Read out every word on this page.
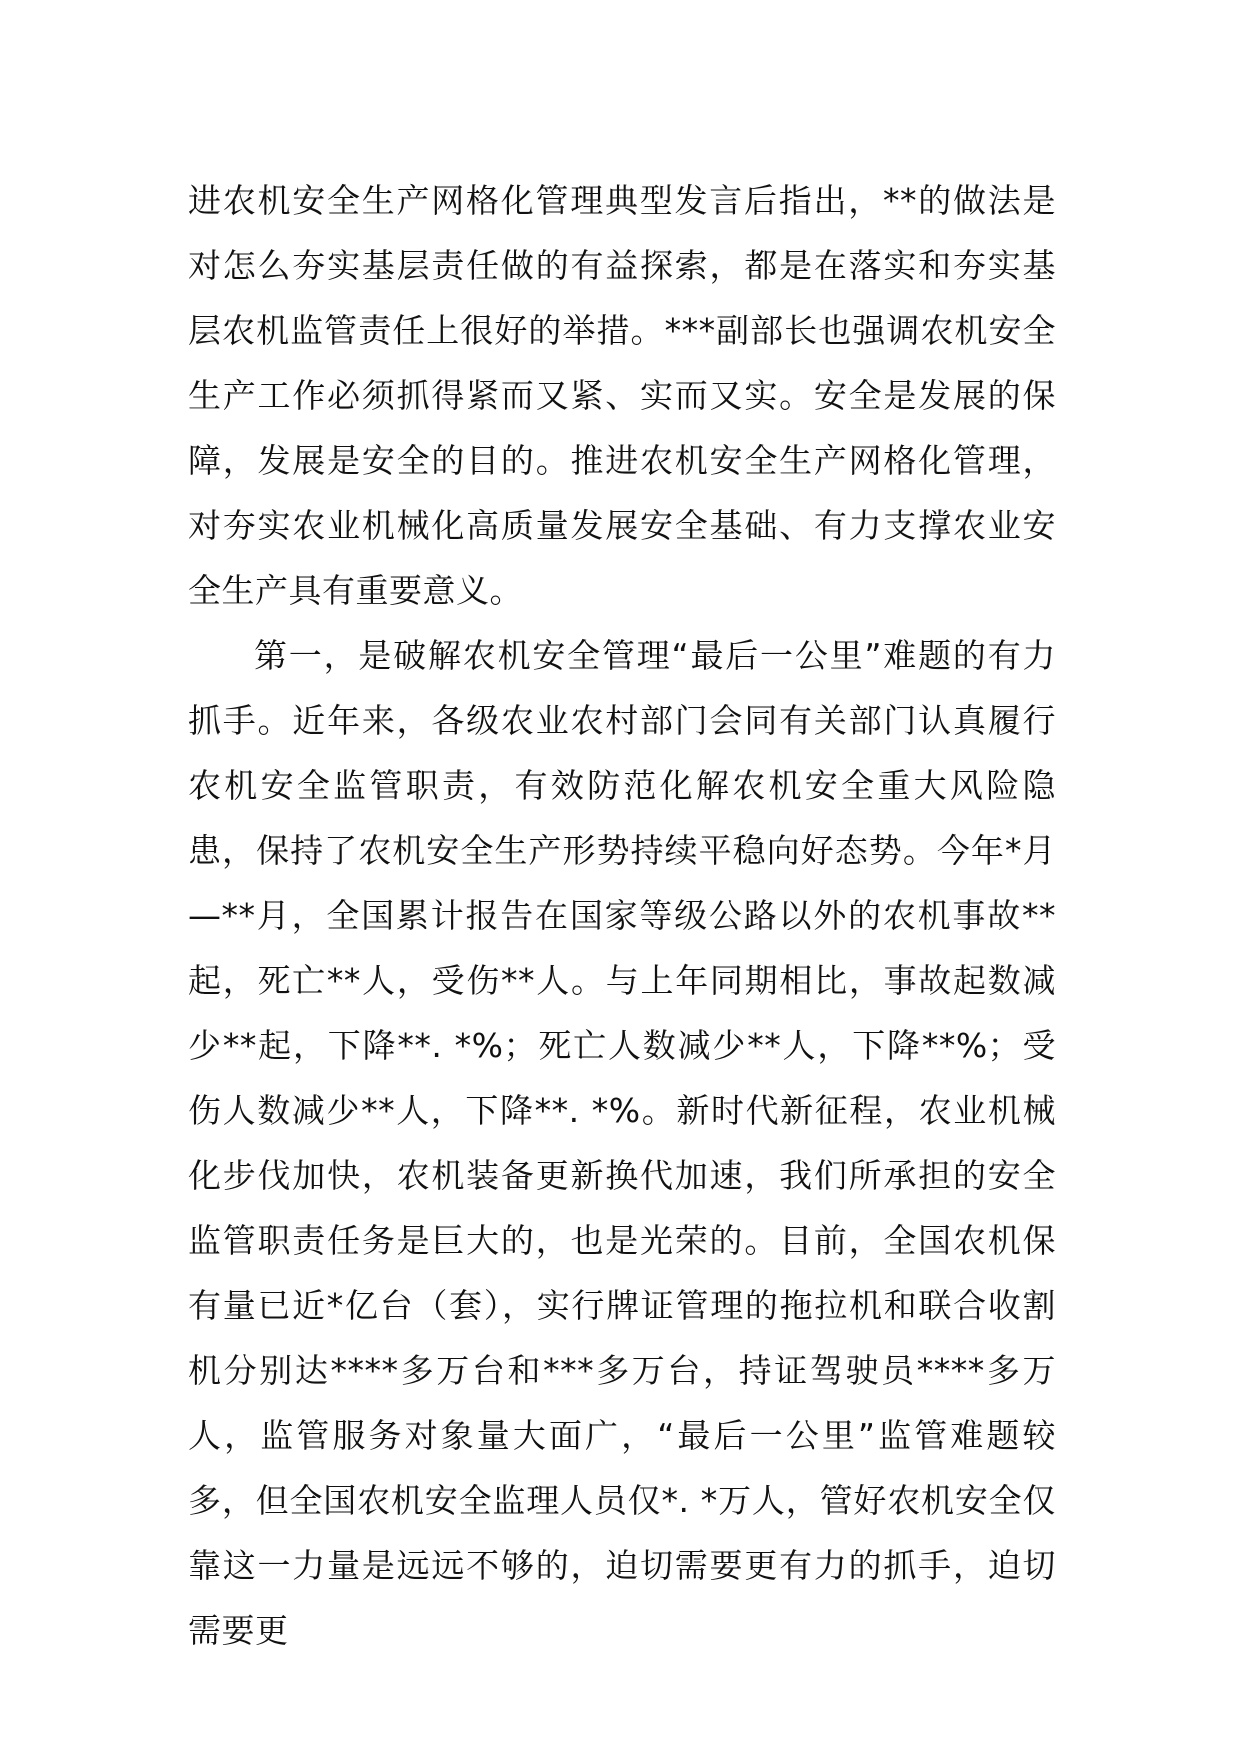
进农机安全生产网格化管理典型发言后指出，**的做法是对怎么夯实基层责任做的有益探索，都是在落实和夯实基层农机监管责任上很好的举措。***副部长也强调农机安全生产工作必须抓得紧而又紧、实而又实。安全是发展的保障，发展是安全的目的。推进农机安全生产网格化管理，对夯实农业机械化高质量发展安全基础、有力支撑农业安全生产具有重要意义。

第一，是破解农机安全管理“最后一公里”难题的有力抓手。近年来，各级农业农村部门会同有关部门认真履行农机安全监管职责，有效防范化解农机安全重大风险隐患，保持了农机安全生产形势持续平稳向好态势。今年*月—**月，全国累计报告在国家等级公路以外的农机事故**起，死亡**人，受伤**人。与上年同期相比，事故起数减少**起，下降**. *%；死亡人数减少**人，下降**%；受伤人数减少**人，下降**. *%。新时代新征程，农业机械化步伐加快，农机装备更新换代加速，我们所承担的安全监管职责任务是巨大的，也是光荣的。目前，全国农机保有量已近*亿台（套），实行牌证管理的拖拉机和联合收割机分别达****多万台和***多万台，持证驾驶员****多万人，监管服务对象量大面广，“最后一公里”监管难题较多，但全国农机安全监理人员仅*. *万人，管好农机安全仅靠这一力量是远远不够的，迫切需要更有力的抓手，迫切需要更
